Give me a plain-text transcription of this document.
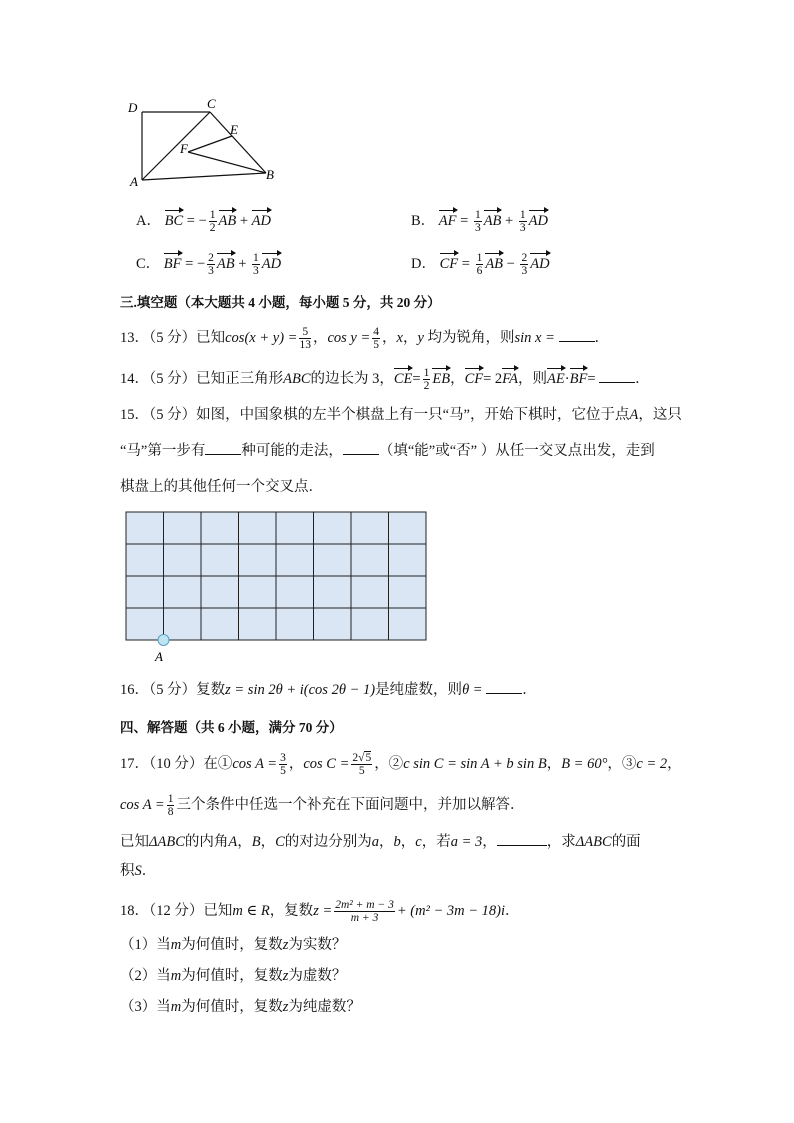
D	C
E
F
A	B
A． BC = − $\frac{1}{2}$ AB + AD	B． AF = $\frac{1}{3}$ AB + $\frac{1}{3}$ AD
C． BF = − $\frac{2}{3}$ AB + $\frac{1}{3}$ AD	D． CF = $\frac{1}{6}$ AB − $\frac{2}{3}$ AD
三.填空题（本大题共 4 小题，每小题 5 分，共 20 分）
13．（5 分）已知$\cos(x + y) = \frac{5}{13}$ ，$\cos y = \frac{4}{5}$ ，x，y 均为锐角，则sin x =	．
14．（5 分）已知正三角形ABC的边长为 3，$CE= \frac{1}{2}$ EB，CF= 2FA，则AE·BF=	．
15．（5 分）如图，中国象棋的左半个棋盘上有一只“马”，开始下棋时，它位于点A，这只
“马”第一步有 种可能的走法， （填“能”或“否” ）从任一交叉点出发，走到
棋盘上的其他任何一个交叉点．
A
16．（5 分）复数z = sin 2θ + i(cos 2θ − 1)是纯虚数，则θ =	．
四、解答题（共 6 小题，满分 70 分）
17．（10 分）在①cos $A = \frac{3}{5}$ ，$\cos C = \frac{2√5}{5}$ ，②c sin C = sin A + b sin B，B = 60°，③c = 2，
$\cos A = \frac{1}{8}$ 三个条件中任选一个补充在下面问题中，并加以解答．
已知ΔABC的内角A，B，C的对边分别为a，b，c，若a = 3，	，求ΔABC的面
积S．
18．（12 分）已知m ∈ R，复数$z = \frac{\text{2m² + m − 3}}{m + 3} + (m^2 - 3m - 18)i$．
（1）当m为何值时，复数z为实数？
（2）当m为何值时，复数z为虚数？
（3）当m为何值时，复数z为纯虚数？
